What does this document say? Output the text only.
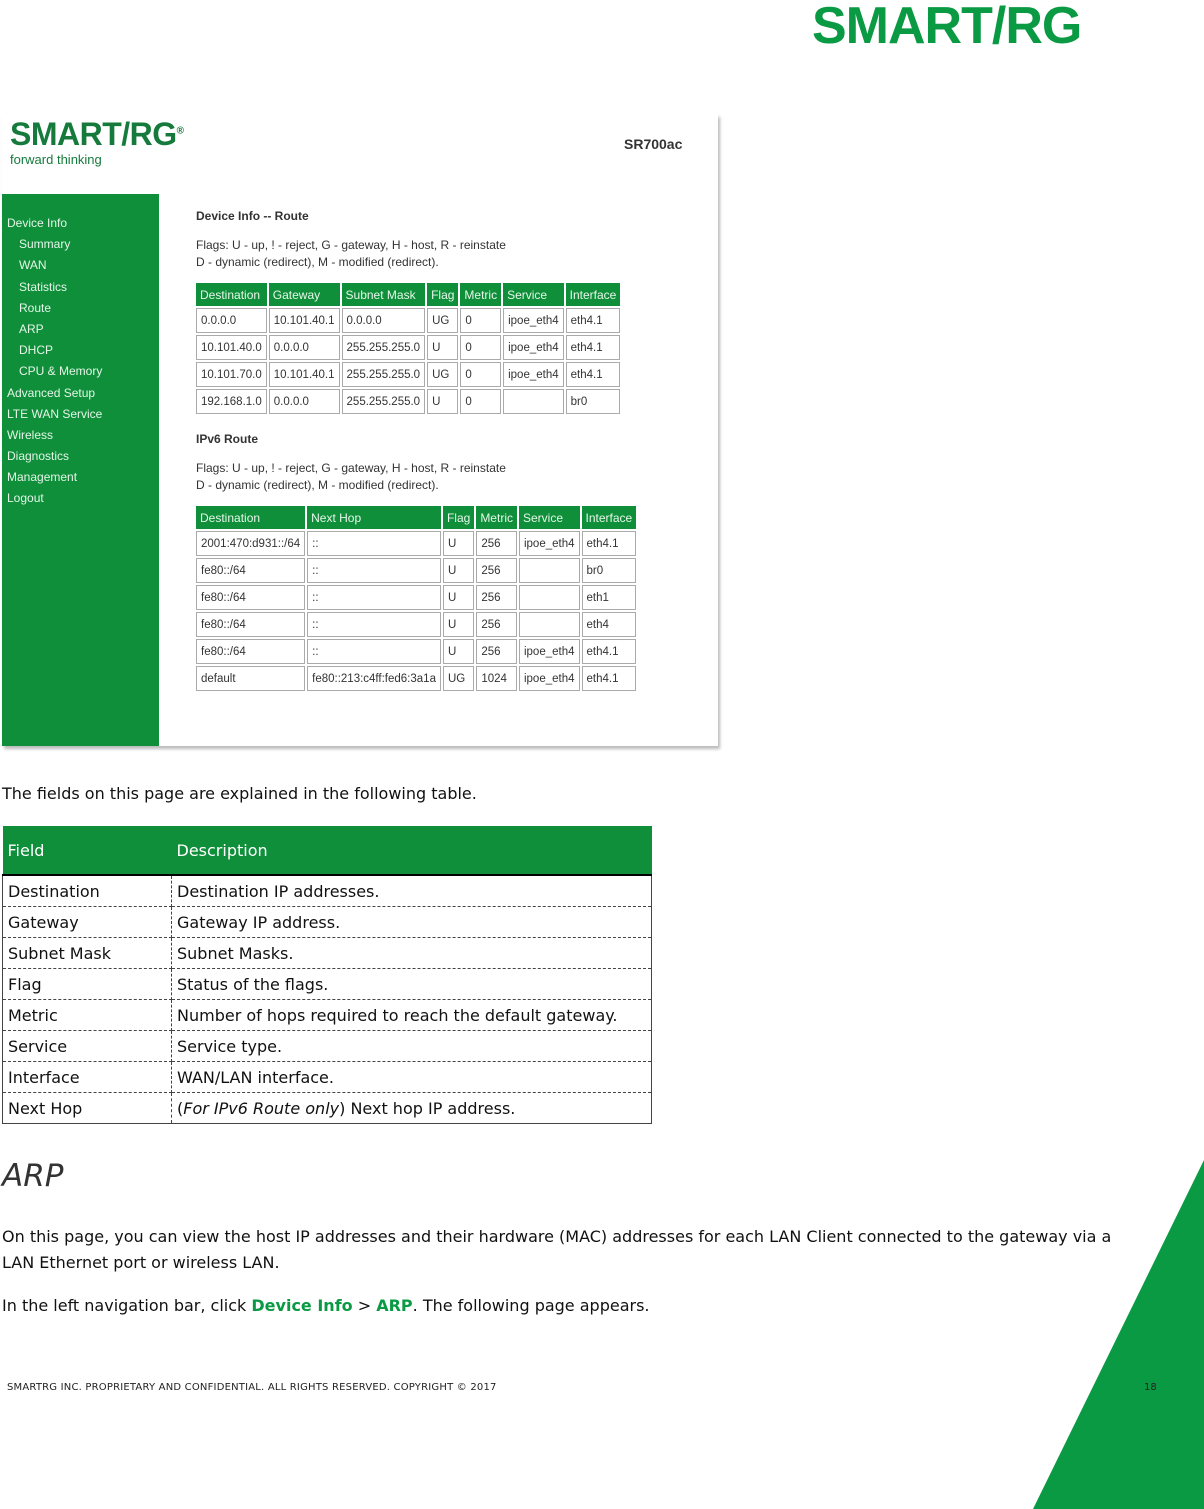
SMART/RG
SMART/RG®
forward thinking
SR700ac
Device Info
Summary
WAN
Statistics
Route
ARP
DHCP
CPU & Memory
Advanced Setup
LTE WAN Service
Wireless
Diagnostics
Management
Logout

Device Info -- Route

Flags: U - up, ! - reject, G - gateway, H - host, R - reinstate
D - dynamic (redirect), M - modified (redirect).
Destination	Gateway	Subnet Mask	Flag	Metric	Service	Interface
0.0.0.0	10.101.40.1	0.0.0.0	UG	0	ipoe_eth4	eth4.1
10.101.40.0	0.0.0.0	255.255.255.0	U	0	ipoe_eth4	eth4.1
10.101.70.0	10.101.40.1	255.255.255.0	UG	0	ipoe_eth4	eth4.1
192.168.1.0	0.0.0.0	255.255.255.0	U	0		br0

IPv6 Route

Flags: U - up, ! - reject, G - gateway, H - host, R - reinstate
D - dynamic (redirect), M - modified (redirect).
Destination	Next Hop	Flag	Metric	Service	Interface
2001:470:d931::/64	::	U	256	ipoe_eth4	eth4.1
fe80::/64	::	U	256		br0
fe80::/64	::	U	256		eth1
fe80::/64	::	U	256		eth4
fe80::/64	::	U	256	ipoe_eth4	eth4.1
default	fe80::213:c4ff:fed6:3a1a	UG	1024	ipoe_eth4	eth4.1
The fields on this page are explained in the following table.
Field	Description
Destination	Destination IP addresses.
Gateway	Gateway IP address.
Subnet Mask	Subnet Masks.
Flag	Status of the flags.
Metric	Number of hops required to reach the default gateway.
Service	Service type.
Interface	WAN/LAN interface.
Next Hop	(For IPv6 Route only) Next hop IP address.
ARP
On this page, you can view the host IP addresses and their hardware (MAC) addresses for each LAN Client connected to the gateway via a LAN Ethernet port or wireless LAN.
In the left navigation bar, click Device Info > ARP. The following page appears.
SMARTRG INC. PROPRIETARY AND CONFIDENTIAL. ALL RIGHTS RESERVED. COPYRIGHT © 2017	18
